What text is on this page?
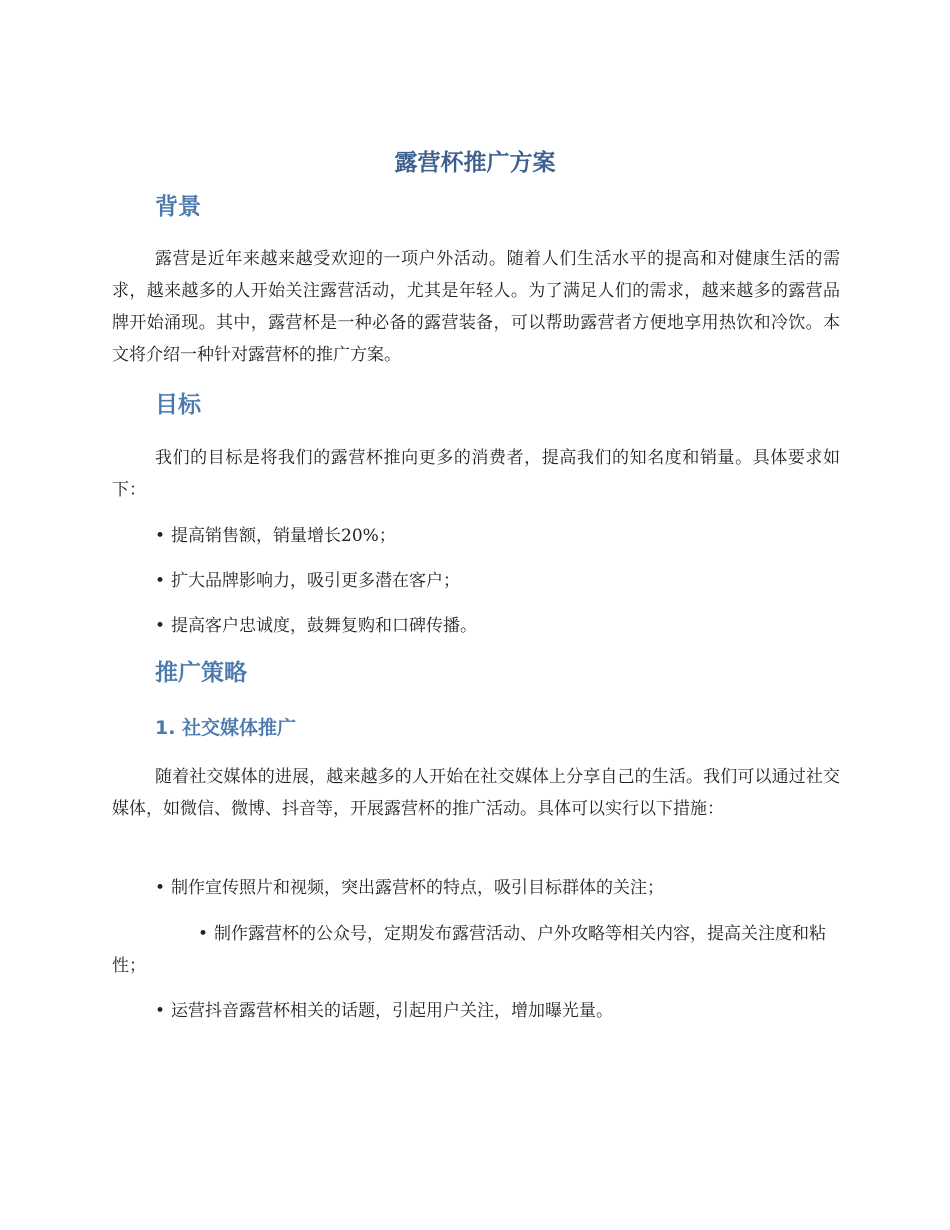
露营杯推广方案
背景

露营是近年来越来越受欢迎的一项户外活动。随着人们生活水平的提高和对健康生活的需求，越来越多的人开始关注露营活动，尤其是年轻人。为了满足人们的需求，越来越多的露营品牌开始涌现。其中，露营杯是一种必备的露营装备，可以帮助露营者方便地享用热饮和冷饮。本文将介绍一种针对露营杯的推广方案。

目标

我们的目标是将我们的露营杯推向更多的消费者，提高我们的知名度和销量。具体要求如下：

• 提高销售额，销量增长20%；

• 扩大品牌影响力，吸引更多潜在客户；

• 提高客户忠诚度，鼓舞复购和口碑传播。

推广策略
1. 社交媒体推广

随着社交媒体的进展，越来越多的人开始在社交媒体上分享自己的生活。我们可以通过社交媒体，如微信、微博、抖音等，开展露营杯的推广活动。具体可以实行以下措施：

• 制作宣传照片和视频，突出露营杯的特点，吸引目标群体的关注；

• 制作露营杯的公众号，定期发布露营活动、户外攻略等相关内容，提高关注度和粘性；

• 运营抖音露营杯相关的话题，引起用户关注，增加曝光量。
